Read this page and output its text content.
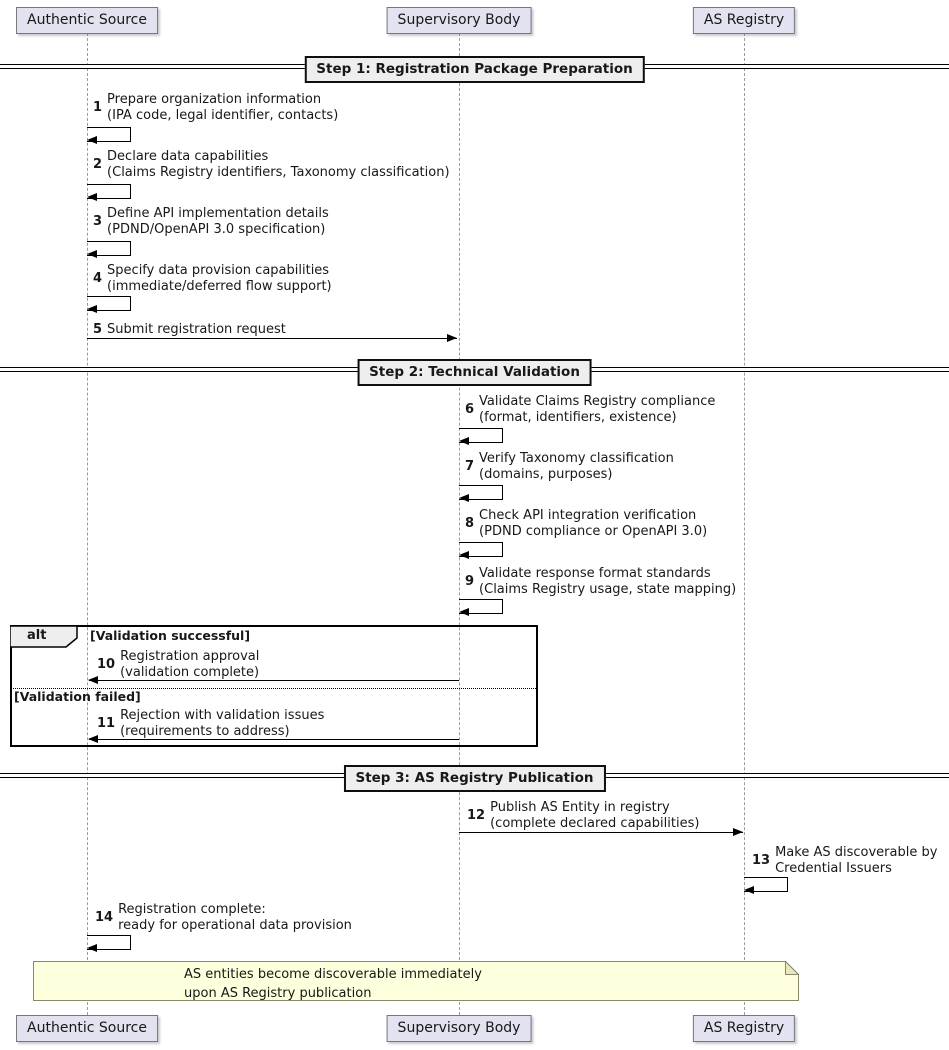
Authentic Source	Supervisory Body	AS Registry
Step 1: Registration Package Preparation
1
Prepare organization information
(IPA code, legal identifier, contacts)
2
Declare data capabilities
(Claims Registry identifiers, Taxonomy classification)
3
Define API implementation details
(PDND/OpenAPI 3.0 specification)
4
Specify data provision capabilities
(immediate/deferred flow support)
5 Submit registration request
Step 2: Technical Validation
6
Validate Claims Registry compliance
(format, identifiers, existence)
7
Verify Taxonomy classification
(domains, purposes)
8
Check API integration verification
(PDND compliance or OpenAPI 3.0)
9
Validate response format standards
(Claims Registry usage, state mapping)
alt	[Validation successful]
10
Registration approval
(validation complete)
[Validation failed]
11
Rejection with validation issues
(requirements to address)
Step 3: AS Registry Publication
12
Publish AS Entity in registry
(complete declared capabilities)
13
Make AS discoverable by
Credential Issuers
14
Registration complete:
ready for operational data provision
AS entities become discoverable immediately
upon AS Registry publication
Authentic Source	Supervisory Body	AS Registry
